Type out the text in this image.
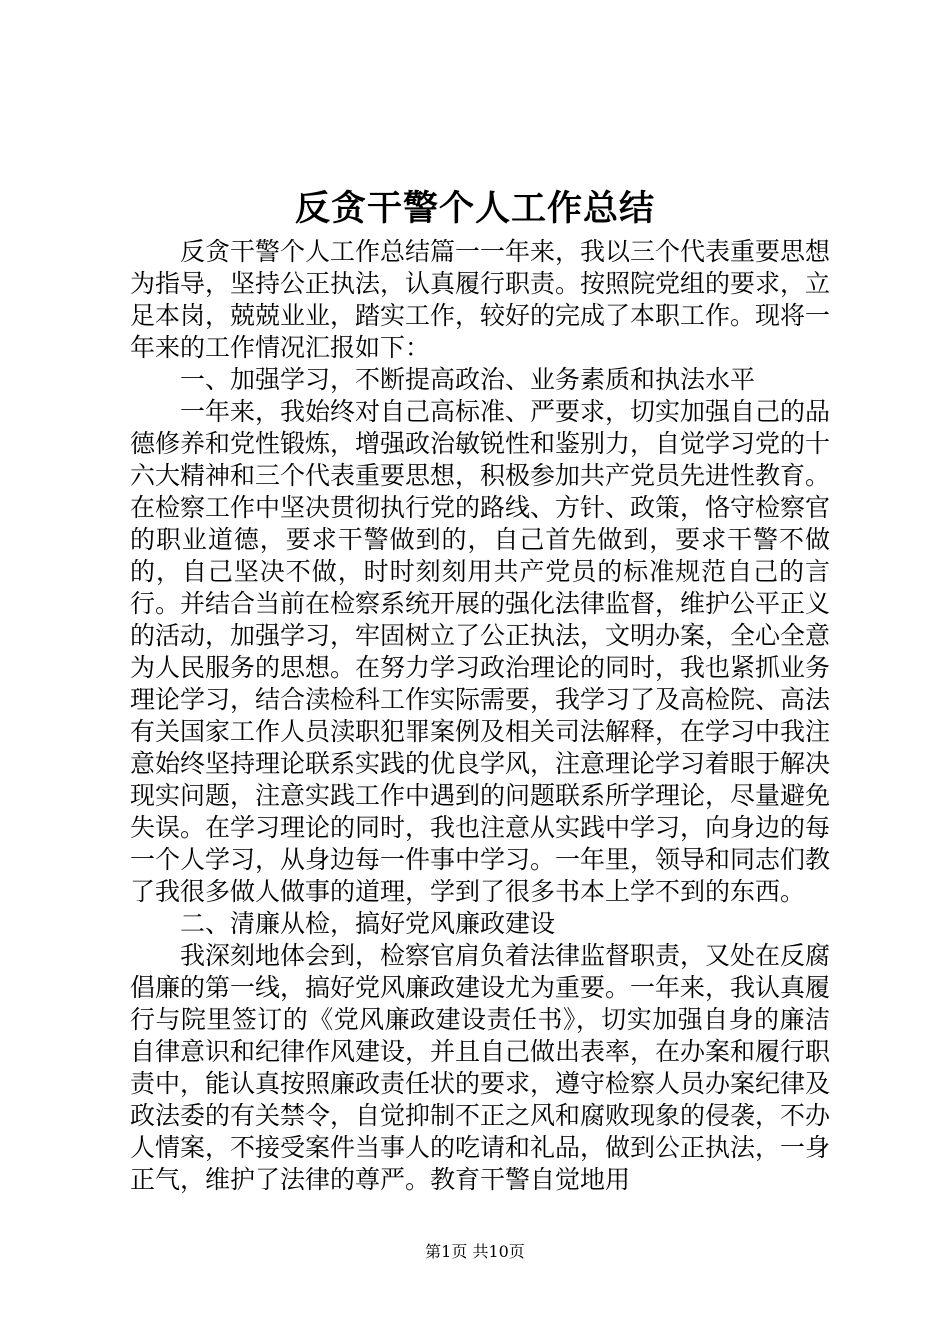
反贪干警个人工作总结

反贪干警个人工作总结篇一一年来，我以三个代表重要思想为指导，坚持公正执法，认真履行职责。按照院党组的要求，立足本岗，兢兢业业，踏实工作，较好的完成了本职工作。现将一年来的工作情况汇报如下：

一、加强学习，不断提高政治、业务素质和执法水平

一年来，我始终对自己高标准、严要求，切实加强自己的品德修养和党性锻炼，增强政治敏锐性和鉴别力，自觉学习党的十六大精神和三个代表重要思想，积极参加共产党员先进性教育。在检察工作中坚决贯彻执行党的路线、方针、政策，恪守检察官的职业道德，要求干警做到的，自己首先做到，要求干警不做的，自己坚决不做，时时刻刻用共产党员的标准规范自己的言行。并结合当前在检察系统开展的强化法律监督，维护公平正义的活动，加强学习，牢固树立了公正执法，文明办案，全心全意为人民服务的思想。在努力学习政治理论的同时，我也紧抓业务理论学习，结合渎检科工作实际需要，我学习了及高检院、高法有关国家工作人员渎职犯罪案例及相关司法解释，在学习中我注意始终坚持理论联系实践的优良学风，注意理论学习着眼于解决现实问题，注意实践工作中遇到的问题联系所学理论，尽量避免失误。在学习理论的同时，我也注意从实践中学习，向身边的每一个人学习，从身边每一件事中学习。一年里，领导和同志们教了我很多做人做事的道理，学到了很多书本上学不到的东西。

二、清廉从检，搞好党风廉政建设

我深刻地体会到，检察官肩负着法律监督职责，又处在反腐倡廉的第一线，搞好党风廉政建设尤为重要。一年来，我认真履行与院里签订的《党风廉政建设责任书》，切实加强自身的廉洁自律意识和纪律作风建设，并且自己做出表率，在办案和履行职责中，能认真按照廉政责任状的要求，遵守检察人员办案纪律及政法委的有关禁令，自觉抑制不正之风和腐败现象的侵袭，不办人情案，不接受案件当事人的吃请和礼品，做到公正执法，一身正气，维护了法律的尊严。教育干警自觉地用

第1页 共10页
